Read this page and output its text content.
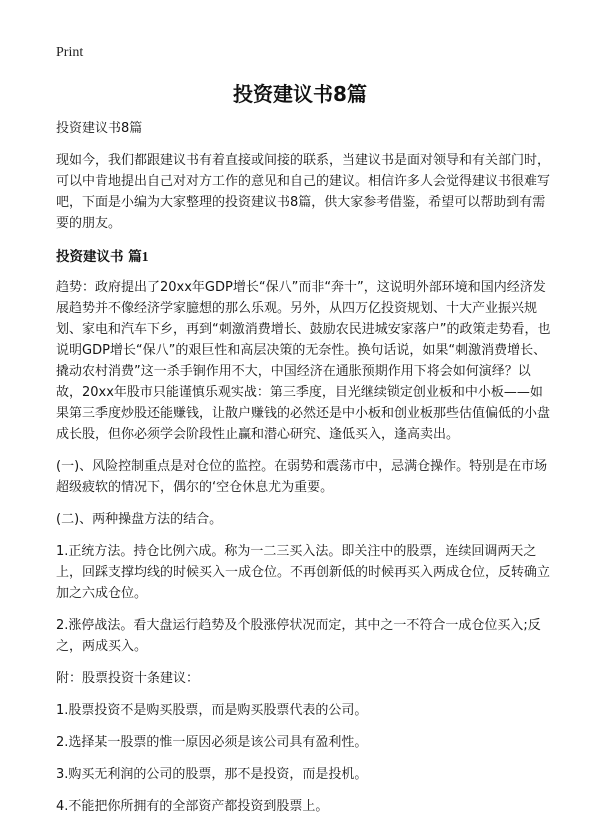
Print
投资建议书8篇

投资建议书8篇

现如今，我们都跟建议书有着直接或间接的联系，当建议书是面对领导和有关部门时，可以中肯地提出自己对对方工作的意见和自己的建议。相信许多人会觉得建议书很难写吧，下面是小编为大家整理的投资建议书8篇，供大家参考借鉴，希望可以帮助到有需要的朋友。

投资建议书 篇1

趋势：政府提出了20xx年GDP增长“保八”而非“奔十”，这说明外部环境和国内经济发展趋势并不像经济学家臆想的那么乐观。另外，从四万亿投资规划、十大产业振兴规划、家电和汽车下乡，再到“刺激消费增长、鼓励农民进城安家落户”的政策走势看，也说明GDP增长“保八”的艰巨性和高层决策的无奈性。换句话说，如果“刺激消费增长、撬动农村消费”这一杀手锏作用不大，中国经济在通胀预期作用下将会如何演绎？以故，20xx年股市只能谨慎乐观实战：第三季度，目光继续锁定创业板和中小板——如果第三季度炒股还能赚钱，让散户赚钱的必然还是中小板和创业板那些估值偏低的小盘成长股，但你必须学会阶段性止赢和潜心研究、逢低买入，逢高卖出。

(一)、风险控制重点是对仓位的监控。在弱势和震荡市中，忌满仓操作。特别是在市场超级疲软的情况下，偶尔的‘空仓休息尤为重要。

(二)、两种操盘方法的结合。

1.正统方法。持仓比例六成。称为一二三买入法。即关注中的股票，连续回调两天之上，回踩支撑均线的时候买入一成仓位。不再创新低的时候再买入两成仓位，反转确立加之六成仓位。

2.涨停战法。看大盘运行趋势及个股涨停状况而定，其中之一不符合一成仓位买入;反之，两成买入。

附：股票投资十条建议：

1.股票投资不是购买股票，而是购买股票代表的公司。

2.选择某一股票的惟一原因必须是该公司具有盈利性。

3.购买无利润的公司的股票，那不是投资，而是投机。

4.不能把你所拥有的全部资产都投资到股票上。
